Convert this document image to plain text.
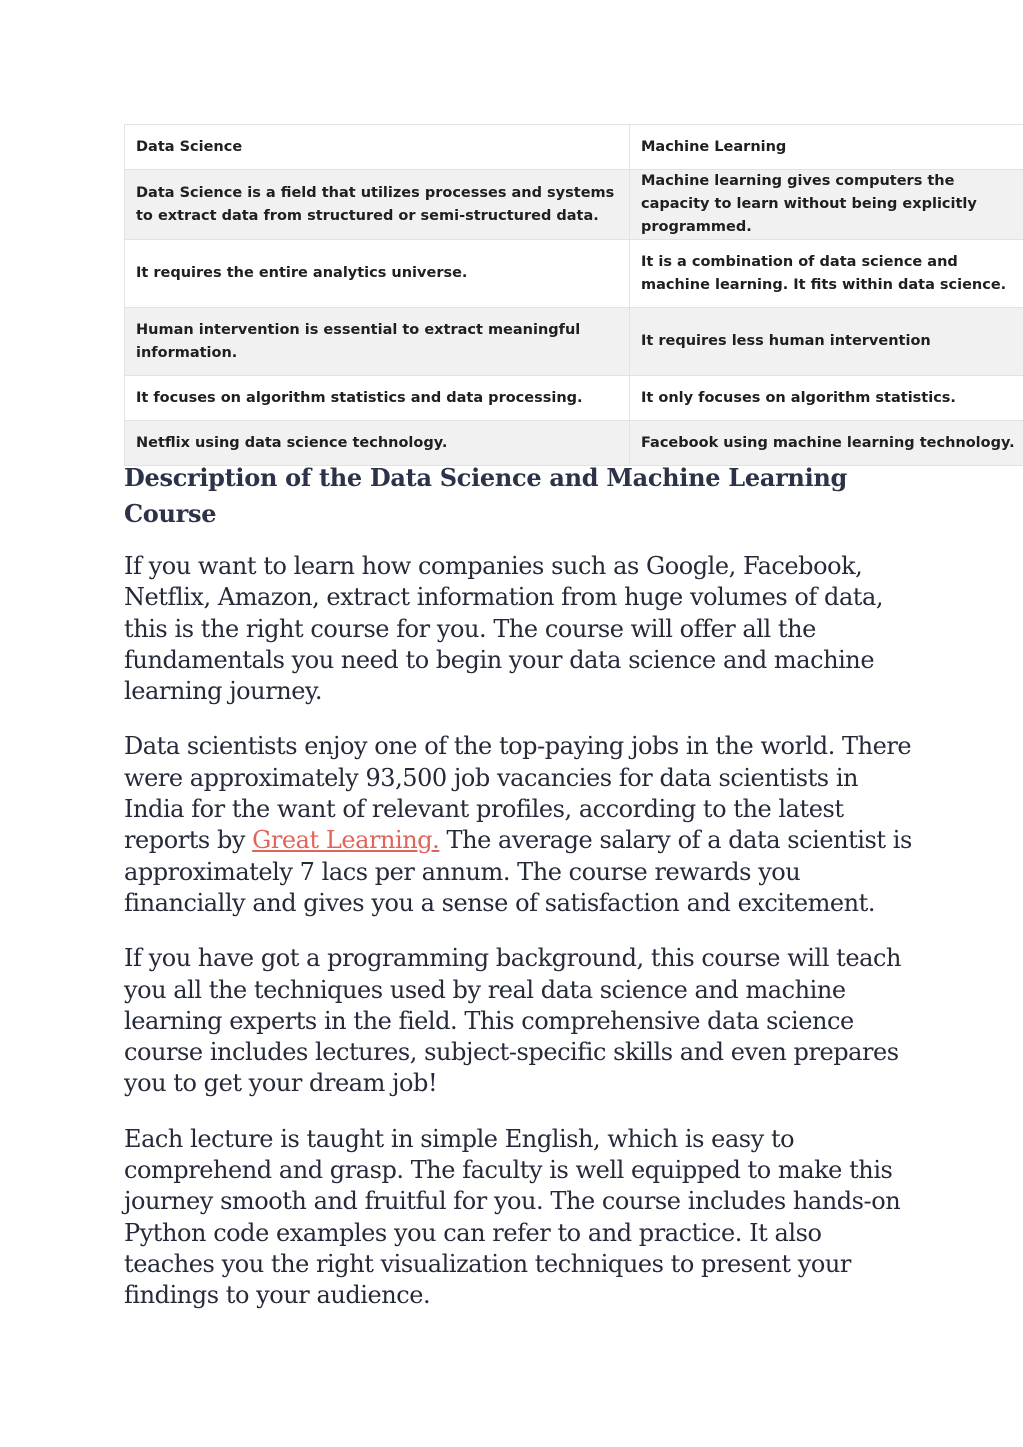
Data Science	Machine Learning
Data Science is a field that utilizes processes and systems to extract data from structured or semi-structured data.	Machine learning gives computers the capacity to learn without being explicitly programmed.
It requires the entire analytics universe.	It is a combination of data science and machine learning. It fits within data science.
Human intervention is essential to extract meaningful information.	It requires less human intervention
It focuses on algorithm statistics and data processing.	It only focuses on algorithm statistics.
Netflix using data science technology.	Facebook using machine learning technology.
Description of the Data Science and Machine Learning Course

If you want to learn how companies such as Google, Facebook, Netflix, Amazon, extract information from huge volumes of data, this is the right course for you. The course will offer all the fundamentals you need to begin your data science and machine learning journey.

Data scientists enjoy one of the top-paying jobs in the world. There were approximately 93,500 job vacancies for data scientists in India for the want of relevant profiles, according to the latest reports by Great Learning. The average salary of a data scientist is approximately 7 lacs per annum. The course rewards you financially and gives you a sense of satisfaction and excitement.

If you have got a programming background, this course will teach you all the techniques used by real data science and machine learning experts in the field. This comprehensive data science course includes lectures, subject-specific skills and even prepares you to get your dream job!

Each lecture is taught in simple English, which is easy to comprehend and grasp. The faculty is well equipped to make this journey smooth and fruitful for you. The course includes hands-on Python code examples you can refer to and practice. It also teaches you the right visualization techniques to present your findings to your audience.
